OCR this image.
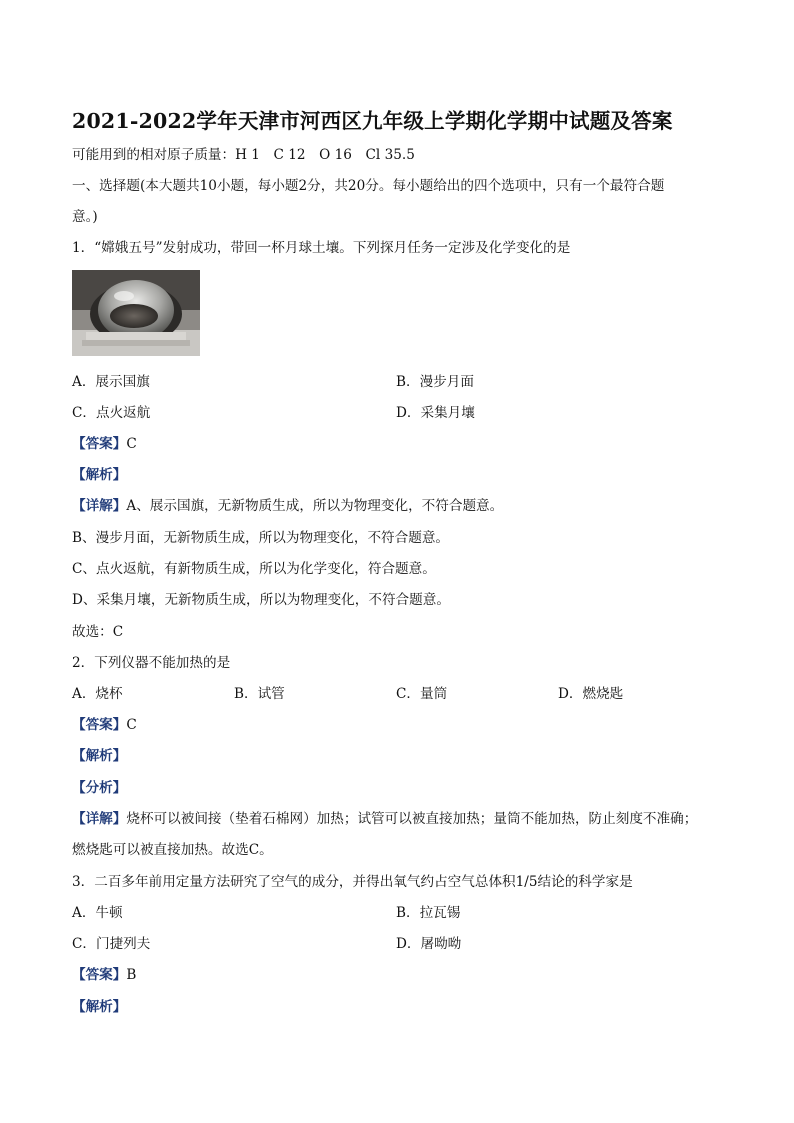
2021-2022学年天津市河西区九年级上学期化学期中试题及答案
可能用到的相对原子质量：H 1　C 12　O 16　Cl 35.5
一、选择题(本大题共10小题，每小题2分，共20分。每小题给出的四个选项中，只有一个最符合题
意。)
1．“嫦娥五号”发射成功，带回一杯月球土壤。下列探月任务一定涉及化学变化的是
A．展示国旗	B．漫步月面
C．点火返航	D．采集月壤
【答案】C
【解析】
【详解】A、展示国旗，无新物质生成，所以为物理变化，不符合题意。
B、漫步月面，无新物质生成，所以为物理变化，不符合题意。
C、点火返航，有新物质生成，所以为化学变化，符合题意。
D、采集月壤，无新物质生成，所以为物理变化，不符合题意。
故选：C
2．下列仪器不能加热的是
A．烧杯	B．试管	C．量筒	D．燃烧匙
【答案】C
【解析】
【分析】
【详解】烧杯可以被间接（垫着石棉网）加热；试管可以被直接加热；量筒不能加热，防止刻度不准确；
燃烧匙可以被直接加热。故选C。
3．二百多年前用定量方法研究了空气的成分，并得出氧气约占空气总体积1/5结论的科学家是
A．牛顿	B．拉瓦锡
C．门捷列夫	D．屠呦呦
【答案】B
【解析】
